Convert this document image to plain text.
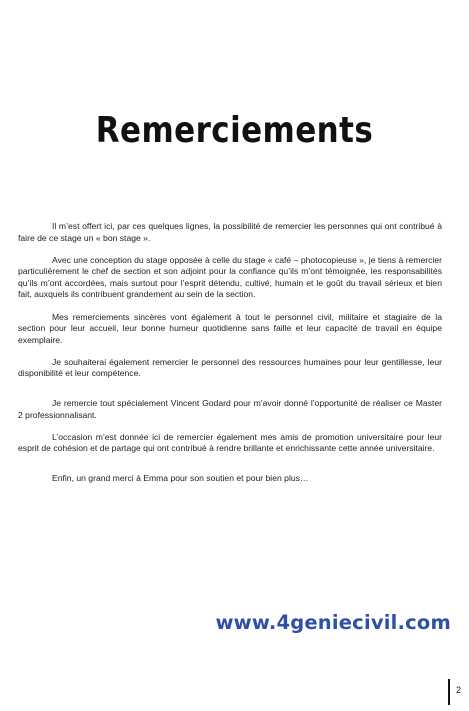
Remerciements

Il m’est offert ici, par ces quelques lignes, la possibilité de remercier les personnes qui ont contribué à faire de ce stage un « bon stage ».

Avec une conception du stage opposée à celle du stage « café – photocopieuse », je tiens à remercier particulièrement le chef de section et son adjoint pour la confiance qu’ils m’ont témoignée, les responsabilités qu’ils m’ont accordées, mais surtout pour l’esprit détendu, cultivé, humain et le goût du travail sérieux et bien fait, auxquels ils contribuent grandement au sein de la section.

Mes remerciements sincères vont également à tout le personnel civil, militaire et stagiaire de la section pour leur accueil, leur bonne humeur quotidienne sans faille et leur capacité de travail en équipe exemplaire.

Je souhaiterai également remercier le personnel des ressources humaines pour leur gentillesse, leur disponibilité et leur compétence.

Je remercie tout spécialement Vincent Godard pour m’avoir donné l’opportunité de réaliser ce Master 2 professionnalisant.

L’occasion m’est donnée ici de remercier également mes amis de promotion universitaire pour leur esprit de cohésion et de partage qui ont contribué à rendre brillante et enrichissante cette année universitaire.

Enfin, un grand merci à Emma pour son soutien et pour bien plus…

www.4geniecivil.com
2
